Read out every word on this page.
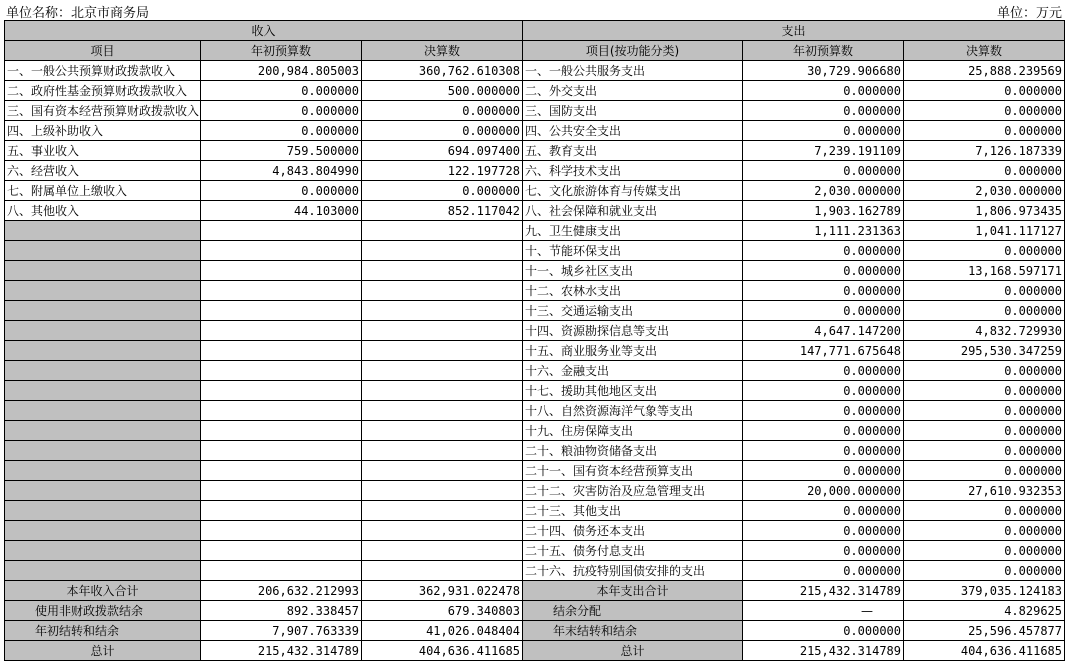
单位名称：北京市商务局	单位：万元
收入			支出		
项目	年初预算数	决算数	项目(按功能分类)	年初预算数	决算数
一、一般公共预算财政拨款收入	200,984.805003	360,762.610308	一、一般公共服务支出	30,729.906680	25,888.239569
二、政府性基金预算财政拨款收入	0.000000	500.000000	二、外交支出	0.000000	0.000000
三、国有资本经营预算财政拨款收入	0.000000	0.000000	三、国防支出	0.000000	0.000000
四、上级补助收入	0.000000	0.000000	四、公共安全支出	0.000000	0.000000
五、事业收入	759.500000	694.097400	五、教育支出	7,239.191109	7,126.187339
六、经营收入	4,843.804990	122.197728	六、科学技术支出	0.000000	0.000000
七、附属单位上缴收入	0.000000	0.000000	七、文化旅游体育与传媒支出	2,030.000000	2,030.000000
八、其他收入	44.103000	852.117042	八、社会保障和就业支出	1,903.162789	1,806.973435
			九、卫生健康支出	1,111.231363	1,041.117127
			十、节能环保支出	0.000000	0.000000
			十一、城乡社区支出	0.000000	13,168.597171
			十二、农林水支出	0.000000	0.000000
			十三、交通运输支出	0.000000	0.000000
			十四、资源勘探信息等支出	4,647.147200	4,832.729930
			十五、商业服务业等支出	147,771.675648	295,530.347259
			十六、金融支出	0.000000	0.000000
			十七、援助其他地区支出	0.000000	0.000000
			十八、自然资源海洋气象等支出	0.000000	0.000000
			十九、住房保障支出	0.000000	0.000000
			二十、粮油物资储备支出	0.000000	0.000000
			二十一、国有资本经营预算支出	0.000000	0.000000
			二十二、灾害防治及应急管理支出	20,000.000000	27,610.932353
			二十三、其他支出	0.000000	0.000000
			二十四、债务还本支出	0.000000	0.000000
			二十五、债务付息支出	0.000000	0.000000
			二十六、抗疫特别国债安排的支出	0.000000	0.000000
本年收入合计	206,632.212993	362,931.022478	本年支出合计	215,432.314789	379,035.124183
使用非财政拨款结余	892.338457	679.340803	结余分配	—	4.829625
年初结转和结余	7,907.763339	41,026.048404	年末结转和结余	0.000000	25,596.457877
总计	215,432.314789	404,636.411685	总计	215,432.314789	404,636.411685
